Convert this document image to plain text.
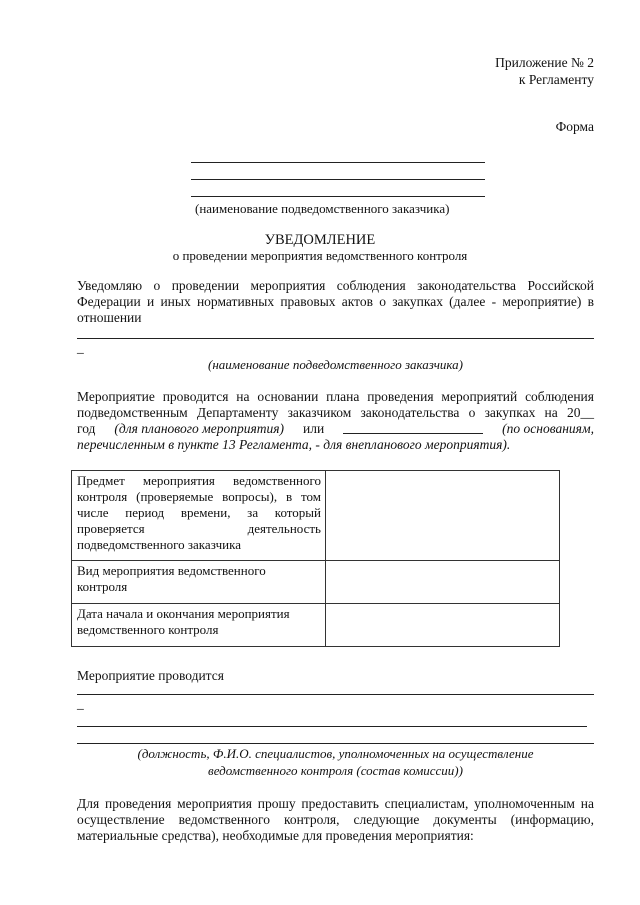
Приложение № 2
к Регламенту
Форма
(наименование подведомственного заказчика)
УВЕДОМЛЕНИЕ
о проведении мероприятия ведомственного контроля
Уведомляю о проведении мероприятия соблюдения законодательства Российской
Федерации и иных нормативных правовых актов о закупках (далее - мероприятие) в
отношении
_
(наименование подведомственного заказчика)
Мероприятие проводится на основании плана проведения мероприятий соблюдения
подведомственным Департаменту заказчиком законодательства о закупках на 20__
год (для планового мероприятия) или	(по основаниям,
перечисленным в пункте 13 Регламента, - для внепланового мероприятия).
Предмет мероприятия ведомственного
контроля (проверяемые вопросы), в том
числе период времени, за который
проверяется деятельность
подведомственного заказчика	

Вид мероприятия ведомственного
контроля	

Дата начала и окончания мероприятия
ведомственного контроля	

Мероприятие проводится
_
(должность, Ф.И.О. специалистов, уполномоченных на осуществление
ведомственного контроля (состав комиссии))
Для проведения мероприятия прошу предоставить специалистам, уполномоченным на
осуществление ведомственного контроля, следующие документы (информацию,
материальные средства), необходимые для проведения мероприятия:
